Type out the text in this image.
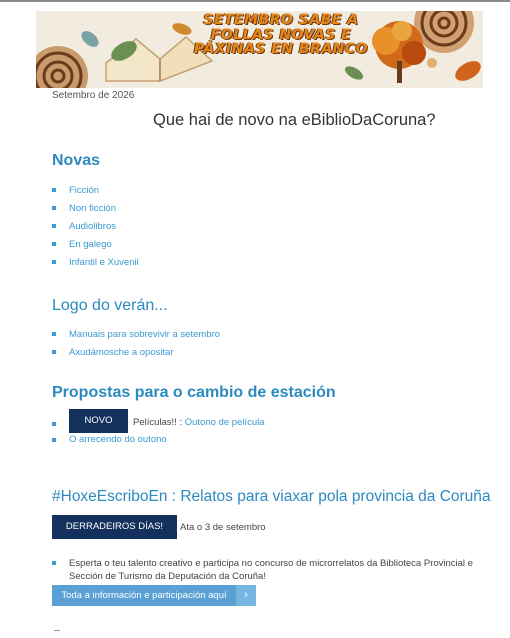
SETEMBRO SABE A FOLLAS NOVAS E PÁXINAS EN BRANCO
Setembro de 2026
Que hai de novo na eBiblioDaCoruna?
Novas
Ficción
Non ficción
Audiolibros
En galego
Infantil e Xuvenil
Logo do verán...
Manuais para sobrevivir a setembro
Axudámosche a opositar
Propostas para o cambio de estación
NOVO	Películas!! : Outono de película
O arrecendo do outono
#HoxeEscriboEn : Relatos para viaxar pola provincia da Coruña
DERRADEIROS DÍAS!	Ata o 3 de setembro
Esperta o teu talento creativo e participa no concurso de microrrelatos da Biblioteca Provincial e Sección de Turismo da Deputación da Coruña!
Toda a información e participación aquí	›
